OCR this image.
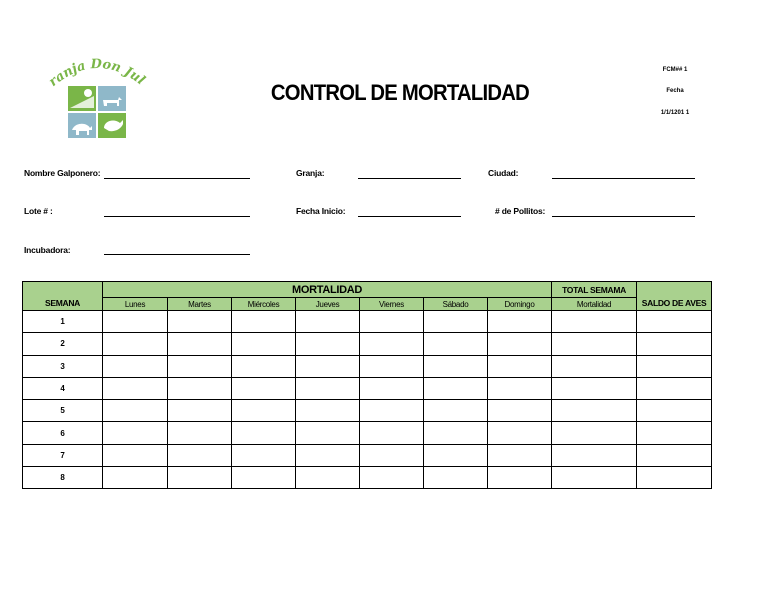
anja Don Jul	CONTROL DE MORTALIDAD
FCM## 1
Fecha
1/1/1201 1
Nombre Galponero:	Granja:	Ciudad:
Lote # :	Fecha Inicio:	# de Pollitos:
Incubadora:
SEMANA	MORTALIDAD							TOTAL SEMAMA	SALDO DE AVES
	Lunes	Martes	Miércoles	Jueves	Viernes	Sábado	Domingo	Mortalidad	
1									
2									
3									
4									
5									
6									
7									
8									
